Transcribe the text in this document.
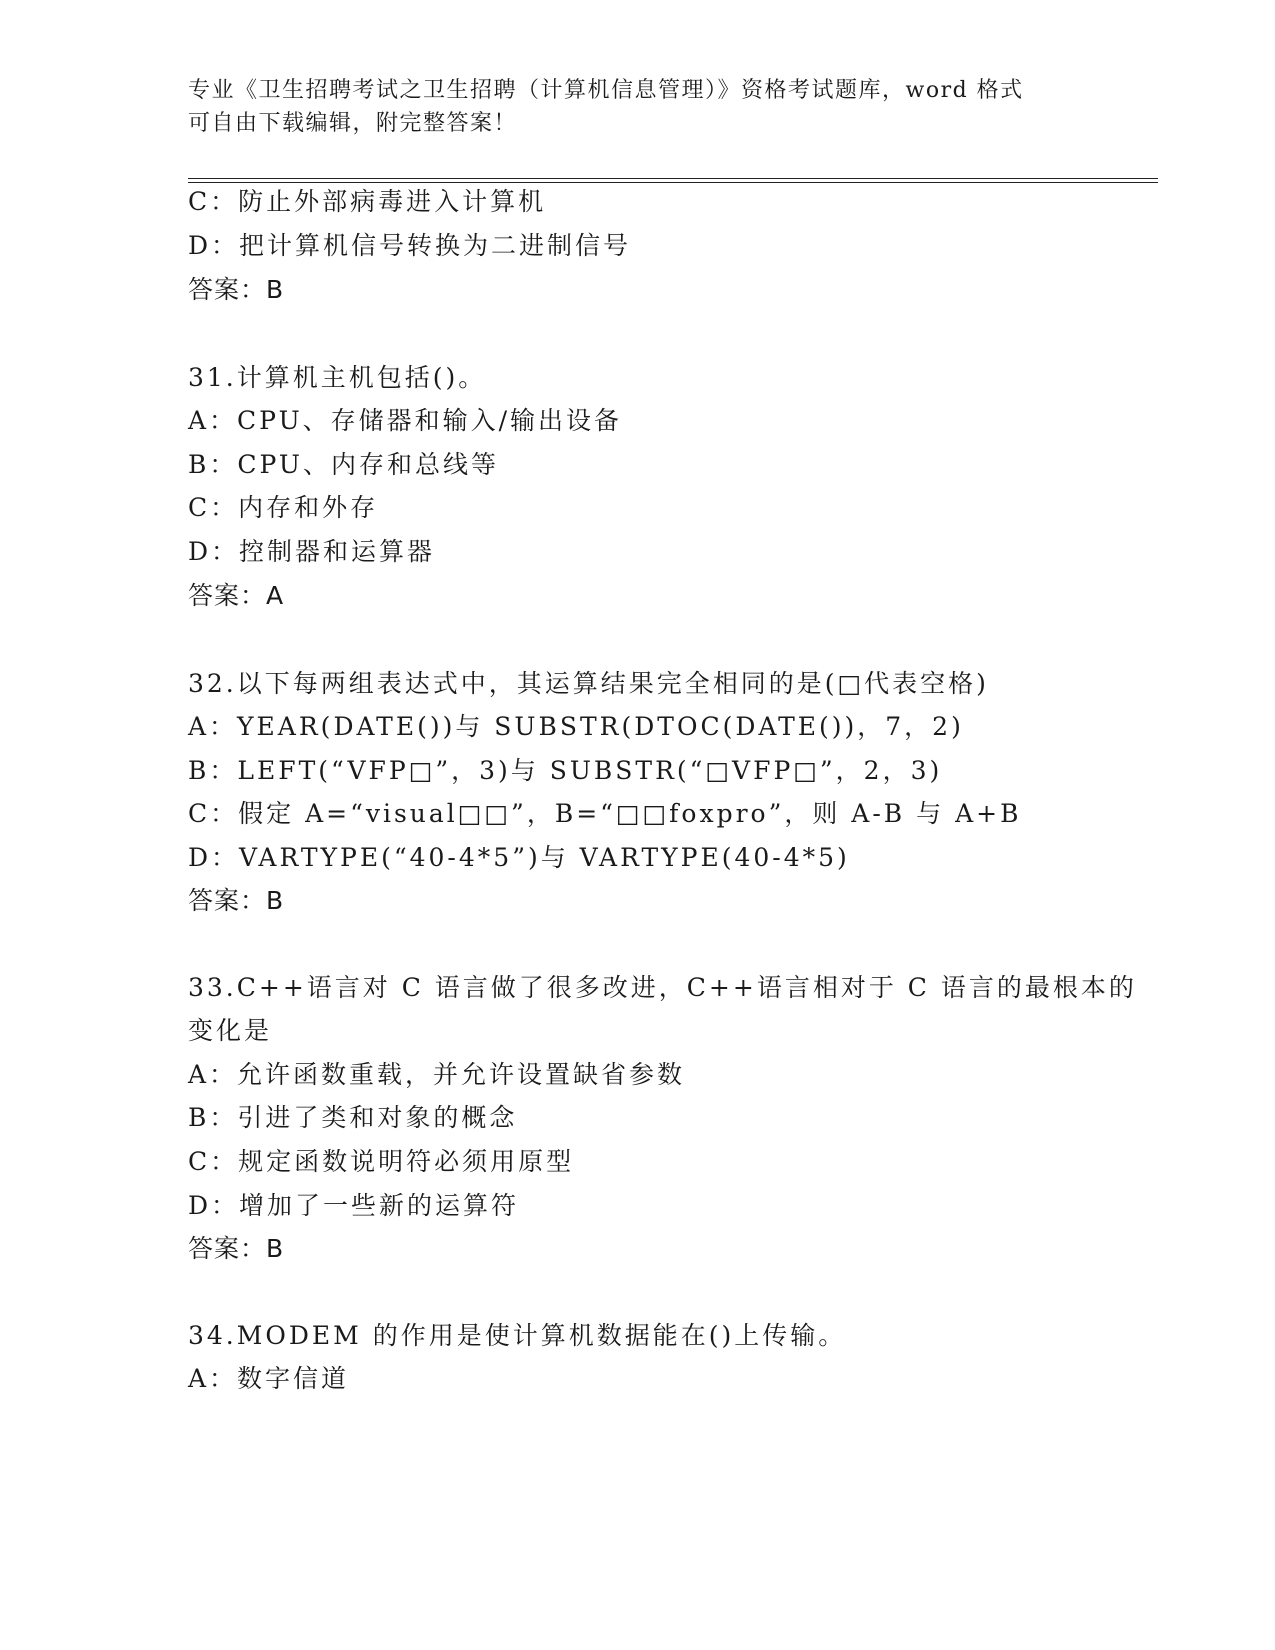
专业《卫生招聘考试之卫生招聘（计算机信息管理）》资格考试题库，word 格式
可自由下载编辑，附完整答案！
C：防止外部病毒进入计算机
D：把计算机信号转换为二进制信号
答案：B
31.计算机主机包括()。
A：CPU、存储器和输入/输出设备
B：CPU、内存和总线等
C：内存和外存
D：控制器和运算器
答案：A
32.以下每两组表达式中，其运算结果完全相同的是(□代表空格)
A：YEAR(DATE())与 SUBSTR(DTOC(DATE())，7，2)
B：LEFT(“VFP□”，3)与 SUBSTR(“□VFP□”，2，3)
C：假定 A=“visual□□”，B=“□□foxpro”，则 A-B 与 A+B
D：VARTYPE(“40-4*5”)与 VARTYPE(40-4*5)
答案：B
33.C++语言对 C 语言做了很多改进，C++语言相对于 C 语言的最根本的
变化是
A：允许函数重载，并允许设置缺省参数
B：引进了类和对象的概念
C：规定函数说明符必须用原型
D：增加了一些新的运算符
答案：B
34.MODEM 的作用是使计算机数据能在()上传输。
A：数字信道
